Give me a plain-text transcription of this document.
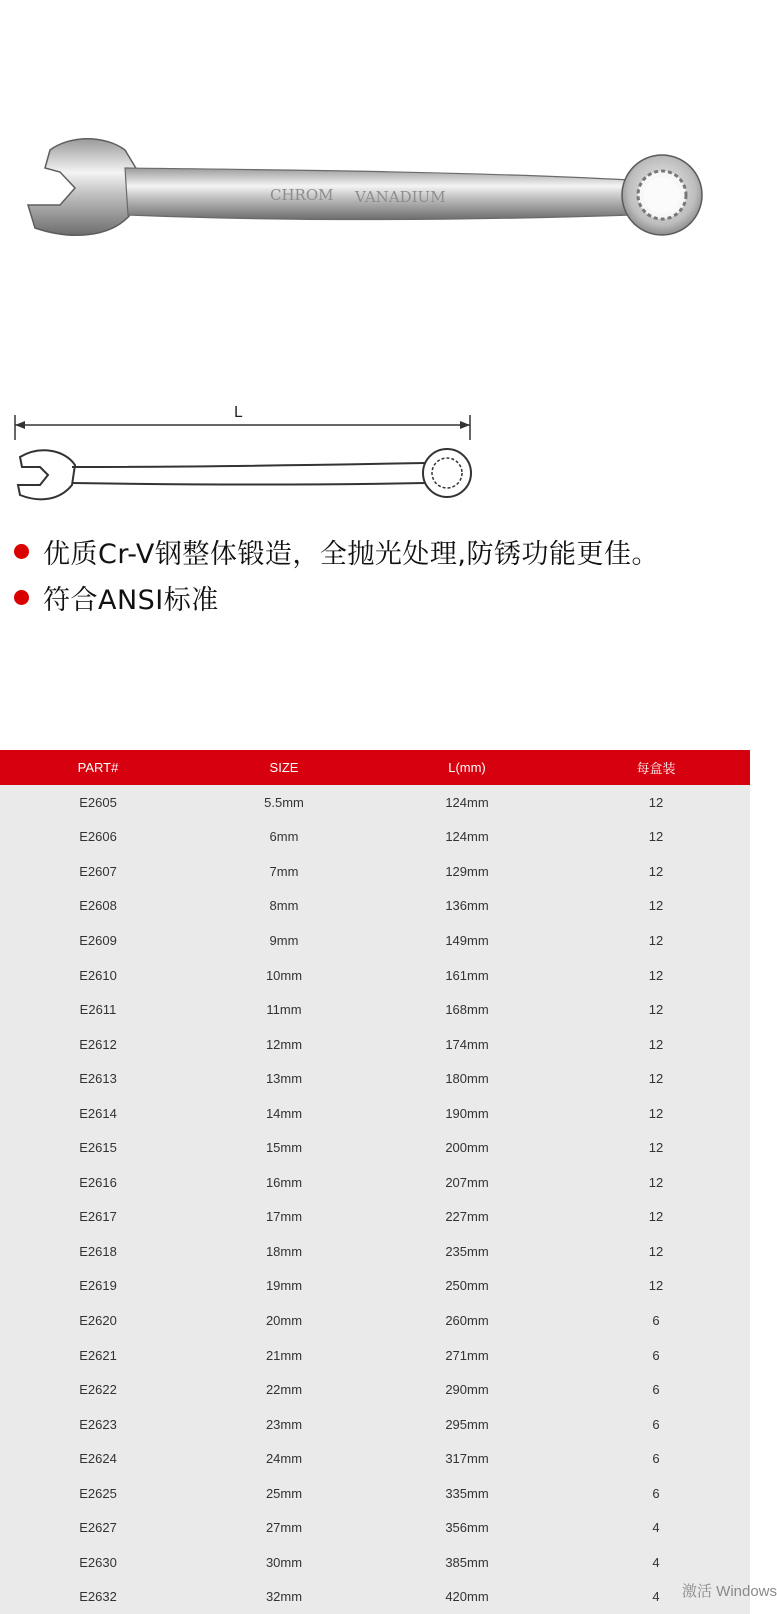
CHROM VANADIUM
L
优质Cr-V钢整体锻造，全抛光处理,防锈功能更佳。
符合ANSI标准
PART#	SIZE	L(mm)	每盒装
E2605	5.5mm	124mm	12
E2606	6mm	124mm	12
E2607	7mm	129mm	12
E2608	8mm	136mm	12
E2609	9mm	149mm	12
E2610	10mm	161mm	12
E2611	11mm	168mm	12
E2612	12mm	174mm	12
E2613	13mm	180mm	12
E2614	14mm	190mm	12
E2615	15mm	200mm	12
E2616	16mm	207mm	12
E2617	17mm	227mm	12
E2618	18mm	235mm	12
E2619	19mm	250mm	12
E2620	20mm	260mm	6
E2621	21mm	271mm	6
E2622	22mm	290mm	6
E2623	23mm	295mm	6
E2624	24mm	317mm	6
E2625	25mm	335mm	6
E2627	27mm	356mm	4
E2630	30mm	385mm	4
E2632	32mm	420mm	4 激活 Windows
